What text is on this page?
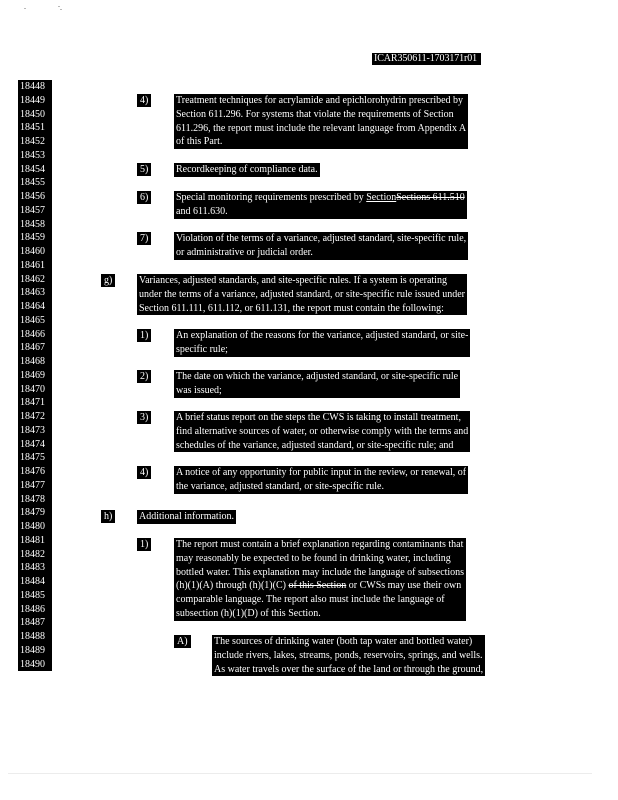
ICAR350611-1703171r01
18448
18449
18450
18451
18452
18453
18454
18455
18456
18457
18458
18459
18460
18461
18462
18463
18464
18465
18466
18467
18468
18469
18470
18471
18472
18473
18474
18475
18476
18477
18478
18479
18480
18481
18482
18483
18484
18485
18486
18487
18488
18489
18490
4)	Treatment techniques for acrylamide and epichlorohydrin prescribed by
Section 611.296. For systems that violate the requirements of Section
611.296, the report must include the relevant language from Appendix A
of this Part.
5)	Recordkeeping of compliance data.
6)	Special monitoring requirements prescribed by SectionSections 611.510
and 611.630.
7)	Violation of the terms of a variance, adjusted standard, site-specific rule,
or administrative or judicial order.
g)	Variances, adjusted standards, and site-specific rules. If a system is operating
under the terms of a variance, adjusted standard, or site-specific rule issued under
Section 611.111, 611.112, or 611.131, the report must contain the following:
1)	An explanation of the reasons for the variance, adjusted standard, or site-
specific rule;
2)	The date on which the variance, adjusted standard, or site-specific rule
was issued;
3)	A brief status report on the steps the CWS is taking to install treatment,
find alternative sources of water, or otherwise comply with the terms and
schedules of the variance, adjusted standard, or site-specific rule; and
4)	A notice of any opportunity for public input in the review, or renewal, of
the variance, adjusted standard, or site-specific rule.
h)	Additional information.
1)	The report must contain a brief explanation regarding contaminants that
may reasonably be expected to be found in drinking water, including
bottled water. This explanation may include the language of subsections
(h)(1)(A) through (h)(1)(C) of this Section or CWSs may use their own
comparable language. The report also must include the language of
subsection (h)(1)(D) of this Section.
A)	The sources of drinking water (both tap water and bottled water)
include rivers, lakes, streams, ponds, reservoirs, springs, and wells.
As water travels over the surface of the land or through the ground,
